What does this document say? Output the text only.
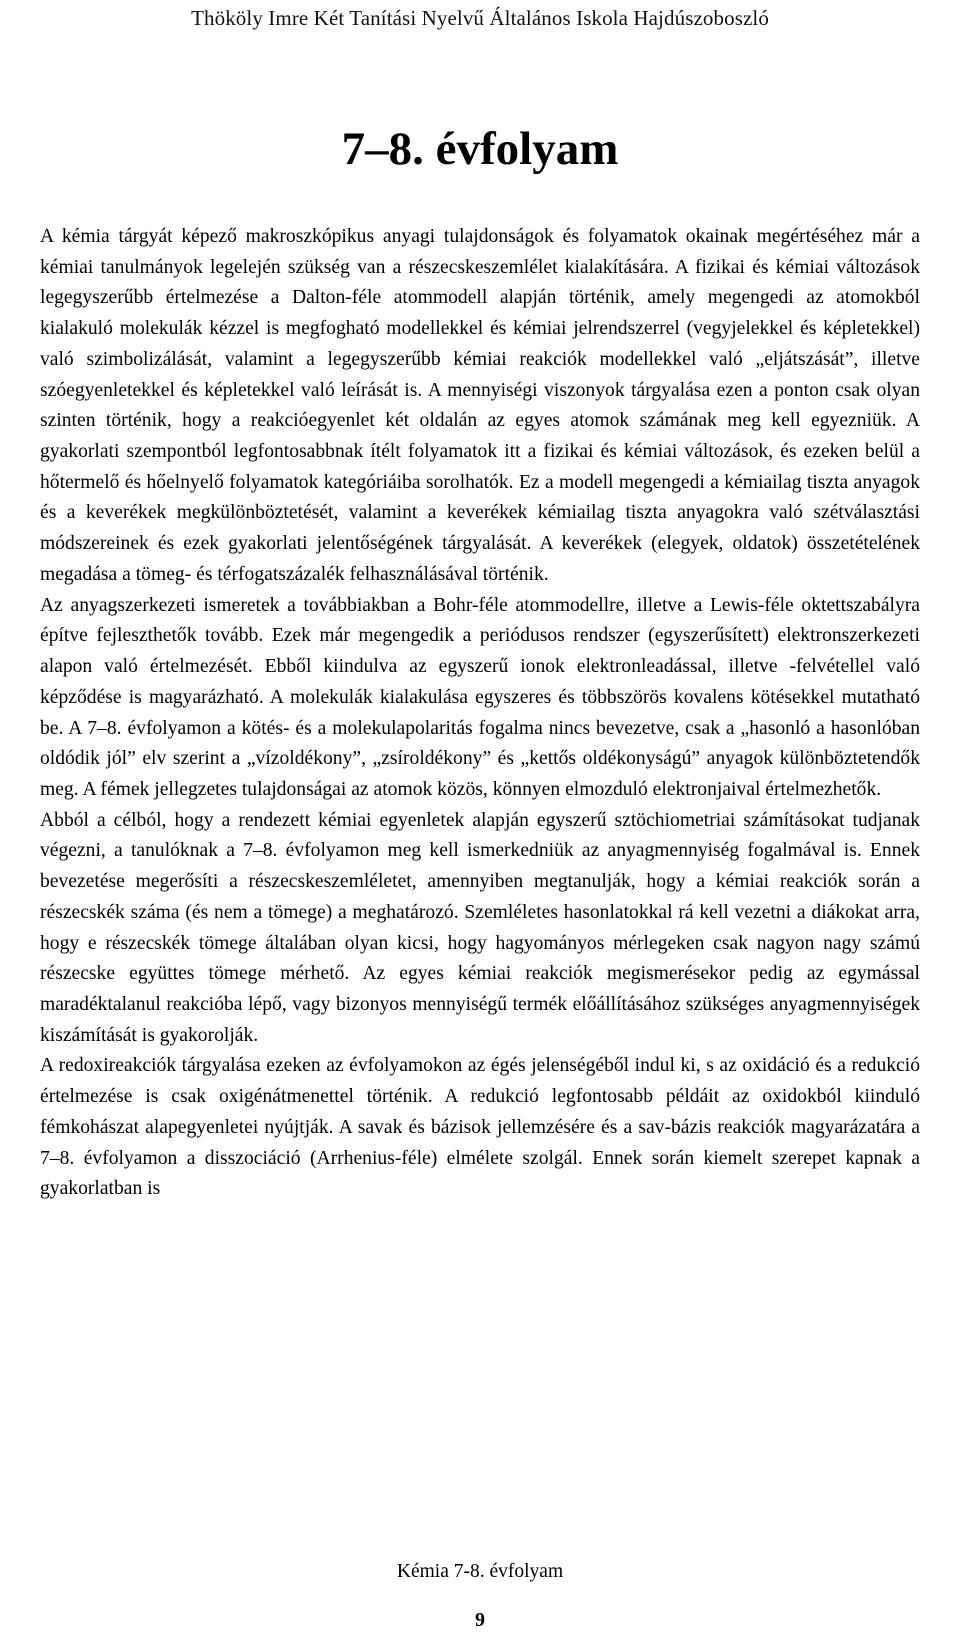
Thököly Imre Két Tanítási Nyelvű Általános Iskola Hajdúszoboszló
7–8. évfolyam

A kémia tárgyát képező makroszkópikus anyagi tulajdonságok és folyamatok okainak megértéséhez már a kémiai tanulmányok legelején szükség van a részecskeszemlélet kialakítására. A fizikai és kémiai változások legegyszerűbb értelmezése a Dalton-féle atommodell alapján történik, amely megengedi az atomokból kialakuló molekulák kézzel is megfogható modellekkel és kémiai jelrendszerrel (vegyjelekkel és képletekkel) való szimbolizálását, valamint a legegyszerűbb kémiai reakciók modellekkel való „eljátszását”, illetve szóegyenletekkel és képletekkel való leírását is. A mennyiségi viszonyok tárgyalása ezen a ponton csak olyan szinten történik, hogy a reakcióegyenlet két oldalán az egyes atomok számának meg kell egyezniük. A gyakorlati szempontból legfontosabbnak ítélt folyamatok itt a fizikai és kémiai változások, és ezeken belül a hőtermelő és hőelnyelő folyamatok kategóriáiba sorolhatók. Ez a modell megengedi a kémiailag tiszta anyagok és a keverékek megkülönböztetését, valamint a keverékek kémiailag tiszta anyagokra való szétválasztási módszereinek és ezek gyakorlati jelentőségének tárgyalását. A keverékek (elegyek, oldatok) összetételének megadása a tömeg- és térfogatszázalék felhasználásával történik.

Az anyagszerkezeti ismeretek a továbbiakban a Bohr-féle atommodellre, illetve a Lewis-féle oktettszabályra építve fejleszthetők tovább. Ezek már megengedik a periódusos rendszer (egyszerűsített) elektronszerkezeti alapon való értelmezését. Ebből kiindulva az egyszerű ionok elektronleadással, illetve -felvétellel való képződése is magyarázható. A molekulák kialakulása egyszeres és többszörös kovalens kötésekkel mutatható be. A 7–8. évfolyamon a kötés- és a molekulapolaritás fogalma nincs bevezetve, csak a „hasonló a hasonlóban oldódik jól” elv szerint a „vízoldékony”, „zsíroldékony” és „kettős oldékonyságú” anyagok különböztetendők meg. A fémek jellegzetes tulajdonságai az atomok közös, könnyen elmozduló elektronjaival értelmezhetők.

Abból a célból, hogy a rendezett kémiai egyenletek alapján egyszerű sztöchiometriai számításokat tudjanak végezni, a tanulóknak a 7–8. évfolyamon meg kell ismerkedniük az anyagmennyiség fogalmával is. Ennek bevezetése megerősíti a részecskeszemléletet, amennyiben megtanulják, hogy a kémiai reakciók során a részecskék száma (és nem a tömege) a meghatározó. Szemléletes hasonlatokkal rá kell vezetni a diákokat arra, hogy e részecskék tömege általában olyan kicsi, hogy hagyományos mérlegeken csak nagyon nagy számú részecske együttes tömege mérhető. Az egyes kémiai reakciók megismerésekor pedig az egymással maradéktalanul reakcióba lépő, vagy bizonyos mennyiségű termék előállításához szükséges anyagmennyiségek kiszámítását is gyakorolják.

A redoxireakciók tárgyalása ezeken az évfolyamokon az égés jelenségéből indul ki, s az oxidáció és a redukció értelmezése is csak oxigénátmenettel történik. A redukció legfontosabb példáit az oxidokból kiinduló fémkohászat alapegyenletei nyújtják. A savak és bázisok jellemzésére és a sav-bázis reakciók magyarázatára a 7–8. évfolyamon a disszociáció (Arrhenius-féle) elmélete szolgál. Ennek során kiemelt szerepet kapnak a gyakorlatban is

Kémia 7-8. évfolyam
9
